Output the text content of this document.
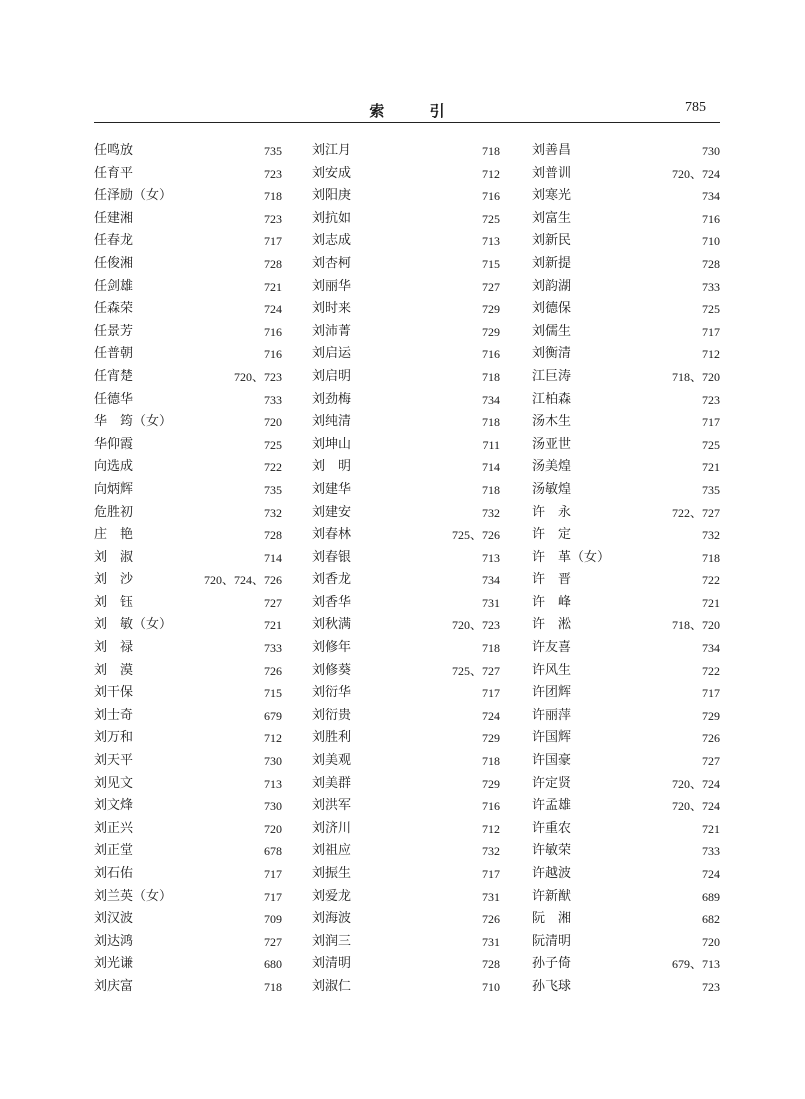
索 引	785
任鸣放	735
任育平	723
任泽励（女）	718
任建湘	723
任春龙	717
任俊湘	728
任剑雄	721
任森荣	724
任景芳	716
任普朝	716
任宵楚	720、723
任德华	733
华　筠（女）	720
华仰霞	725
向选成	722
向炳辉	735
危胜初	732
庄　艳	728
刘　淑	714
刘　沙	720、724、726
刘　钰	727
刘　敏（女）	721
刘　禄	733
刘　漠	726
刘干保	715
刘士奇	679
刘万和	712
刘天平	730
刘见文	713
刘文烽	730
刘正兴	720
刘正堂	678
刘石佑	717
刘兰英（女）	717
刘汉波	709
刘达鸿	727
刘光谦	680
刘庆富	718
刘江月	718
刘安成	712
刘阳庚	716
刘抗如	725
刘志成	713
刘杏柯	715
刘丽华	727
刘时来	729
刘沛菁	729
刘启运	716
刘启明	718
刘劲梅	734
刘纯清	718
刘坤山	711
刘　明	714
刘建华	718
刘建安	732
刘春林	725、726
刘春银	713
刘香龙	734
刘香华	731
刘秋满	720、723
刘修年	718
刘修葵	725、727
刘衍华	717
刘衍贵	724
刘胜利	729
刘美观	718
刘美群	729
刘洪军	716
刘济川	712
刘祖应	732
刘振生	717
刘爱龙	731
刘海波	726
刘润三	731
刘清明	728
刘淑仁	710
刘善昌	730
刘普训	720、724
刘寒光	734
刘富生	716
刘新民	710
刘新提	728
刘韵湖	733
刘德保	725
刘儒生	717
刘衡清	712
江巨涛	718、720
江柏森	723
汤木生	717
汤亚世	725
汤美煌	721
汤敏煌	735
许　永	722、727
许　定	732
许　革（女）	718
许　晋	722
许　峰	721
许　淞	718、720
许友喜	734
许风生	722
许团辉	717
许丽萍	729
许国辉	726
许国豪	727
许定贤	720、724
许孟雄	720、724
许重农	721
许敏荣	733
许越波	724
许新猷	689
阮　湘	682
阮清明	720
孙子倚	679、713
孙飞球	723
